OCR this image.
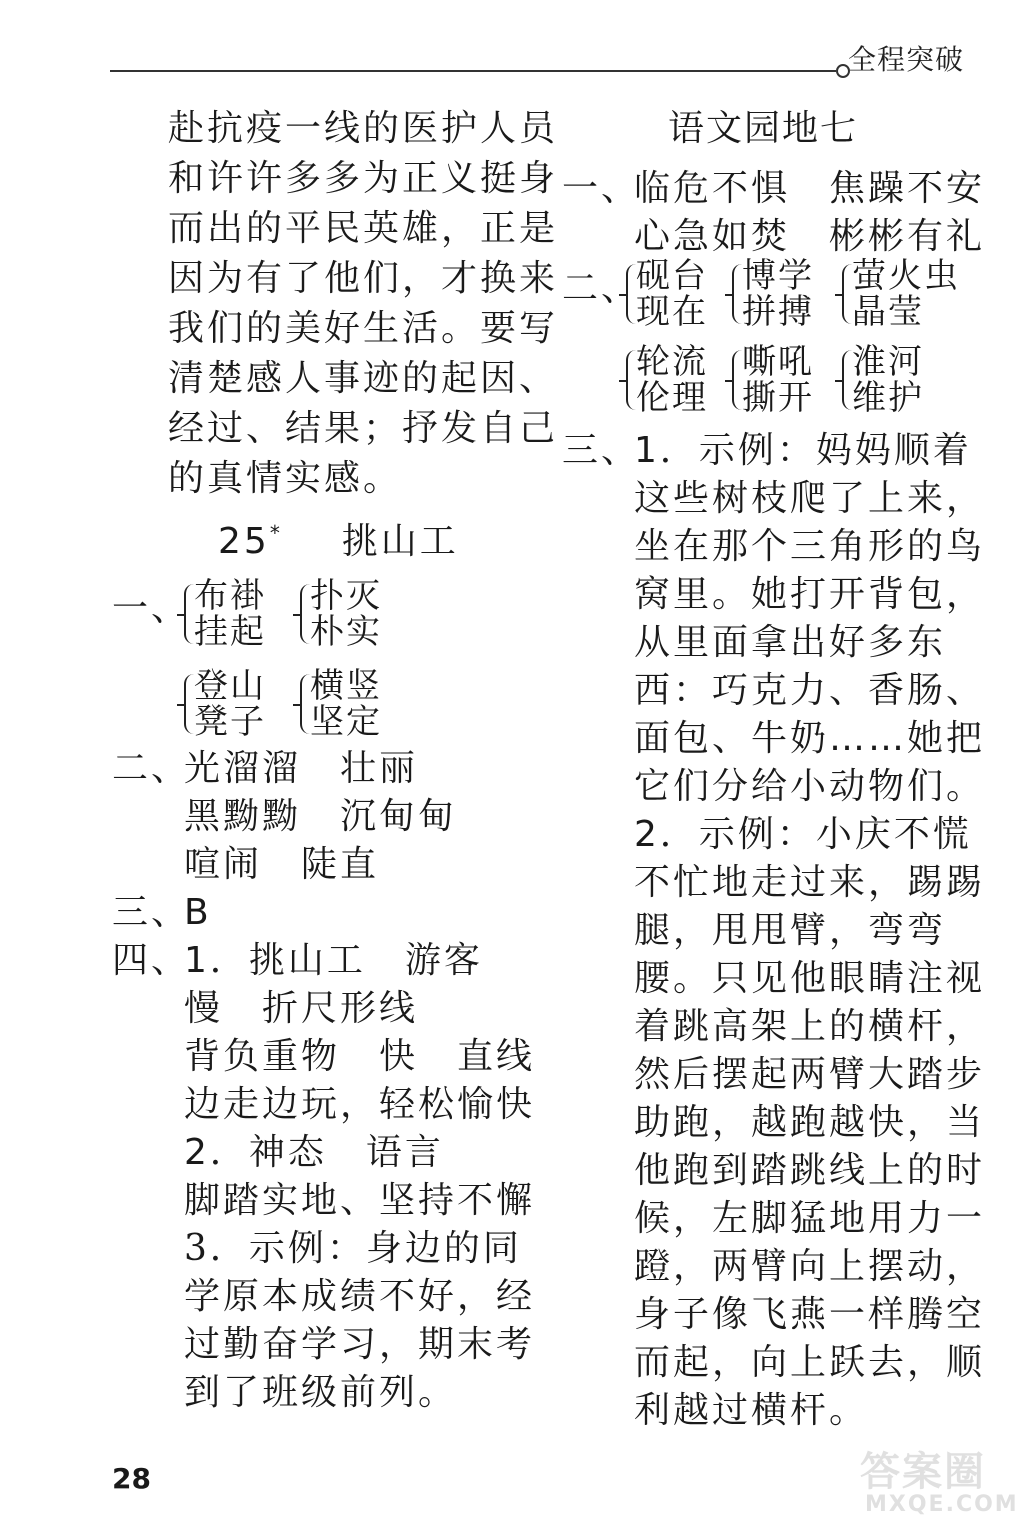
全程突破
赴抗疫一线的医护人员
和许许多多为正义挺身
而出的平民英雄，正是
因为有了他们，才换来
我们的美好生活。要写
清楚感人事迹的起因、
经过、结果；抒发自己
的真情实感。
25* 挑山工
一、 布褂
挂起
扑灭
朴实
登山
凳子
横竖
坚定
二、
光溜溜　壮丽
黑黝黝　沉甸甸
喧闹　陡直
三、
B
四、
1．挑山工　游客
慢　折尺形线
背负重物　快　直线
边走边玩，轻松愉快
2．神态　语言
脚踏实地、坚持不懈
3．示例：身边的同
学原本成绩不好，经
过勤奋学习，期末考
到了班级前列。
语文园地七
一、
临危不惧　焦躁不安
心急如焚　彬彬有礼
二、
砚台
现在
博学
拼搏
萤火虫
晶莹
轮流
伦理
嘶吼
撕开
淮河
维护
三、
1．示例：妈妈顺着
这些树枝爬了上来，
坐在那个三角形的鸟
窝里。她打开背包，
从里面拿出好多东
西：巧克力、香肠、
面包、牛奶……她把
它们分给小动物们。
2．示例：小庆不慌
不忙地走过来，踢踢
腿，甩甩臂，弯弯
腰。只见他眼睛注视
着跳高架上的横杆，
然后摆起两臂大踏步
助跑，越跑越快，当
他跑到踏跳线上的时
候，左脚猛地用力一
蹬，两臂向上摆动，
身子像飞燕一样腾空
而起，向上跃去，顺
利越过横杆。
28	答案圈
MXQE.COM
